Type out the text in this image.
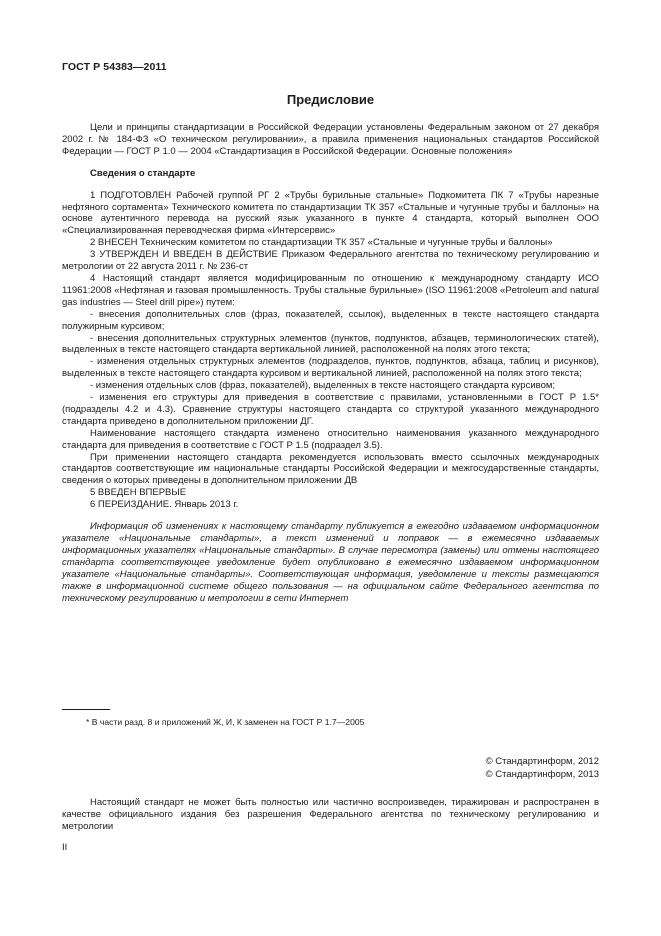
ГОСТ Р 54383—2011
Предисловие

Цели и принципы стандартизации в Российской Федерации установлены Федеральным законом от 27 декабря 2002 г. № 184-ФЗ «О техническом регулировании», а правила применения национальных стандартов Российской Федерации — ГОСТ Р 1.0 — 2004 «Стандартизация в Российской Федерации. Основные положения»

Сведения о стандарте

1 ПОДГОТОВЛЕН Рабочей группой РГ 2 «Трубы бурильные стальные» Подкомитета ПК 7 «Трубы нарезные нефтяного сортамента» Технического комитета по стандартизации ТК 357 «Стальные и чугунные трубы и баллоны» на основе аутентичного перевода на русский язык указанного в пункте 4 стандарта, который выполнен ООО «Специализированная переводческая фирма «Интерсервис»

2 ВНЕСЕН Техническим комитетом по стандартизации ТК 357 «Стальные и чугунные трубы и баллоны»

3 УТВЕРЖДЕН И ВВЕДЕН В ДЕЙСТВИЕ Приказом Федерального агентства по техническому регулированию и метрологии от 22 августа 2011 г. № 236-ст

4 Настоящий стандарт является модифицированным по отношению к международному стандарту ИСО 11961:2008 «Нефтяная и газовая промышленность. Трубы стальные бурильные» (ISO 11961:2008 «Petroleum and natural gas industries — Steel drill pipe») путем:

- внесения дополнительных слов (фраз, показателей, ссылок), выделенных в тексте настоящего стандарта полужирным курсивом;

- внесения дополнительных структурных элементов (пунктов, подпунктов, абзацев, терминологических статей), выделенных в тексте настоящего стандарта вертикальной линией, расположенной на полях этого текста;

- изменения отдельных структурных элементов (подразделов, пунктов, подпунктов, абзаца, таблиц и рисунков), выделенных в тексте настоящего стандарта курсивом и вертикальной линией, расположенной на полях этого текста;

- изменения отдельных слов (фраз, показателей), выделенных в тексте настоящего стандарта курсивом;

- изменения его структуры для приведения в соответствие с правилами, установленными в ГОСТ Р 1.5* (подразделы 4.2 и 4.3). Сравнение структуры настоящего стандарта со структурой указанного международного стандарта приведено в дополнительном приложении ДГ.

Наименование настоящего стандарта изменено относительно наименования указанного международного стандарта для приведения в соответствие с ГОСТ Р 1.5 (подраздел 3.5).

При применении настоящего стандарта рекомендуется использовать вместо ссылочных международных стандартов соответствующие им национальные стандарты Российской Федерации и межгосударственные стандарты, сведения о которых приведены в дополнительном приложении ДВ

5 ВВЕДЕН ВПЕРВЫЕ

6 ПЕРЕИЗДАНИЕ. Январь 2013 г.

Информация об изменениях к настоящему стандарту публикуется в ежегодно издаваемом информационном указателе «Национальные стандарты», а текст изменений и поправок — в ежемесячно издаваемых информационных указателях «Национальные стандарты». В случае пересмотра (замены) или отмены настоящего стандарта соответствующее уведомление будет опубликовано в ежемесячно издаваемом информационном указателе «Национальные стандарты». Соответствующая информация, уведомление и тексты размещаются также в информационной системе общего пользования — на официальном сайте Федерального агентства по техническому регулированию и метрологии в сети Интернет

* В части разд. 8 и приложений Ж, И, К заменен на ГОСТ Р 1.7—2005
© Стандартинформ, 2012
© Стандартинформ, 2013

Настоящий стандарт не может быть полностью или частично воспроизведен, тиражирован и распространен в качестве официального издания без разрешения Федерального агентства по техническому регулированию и метрологии

II
